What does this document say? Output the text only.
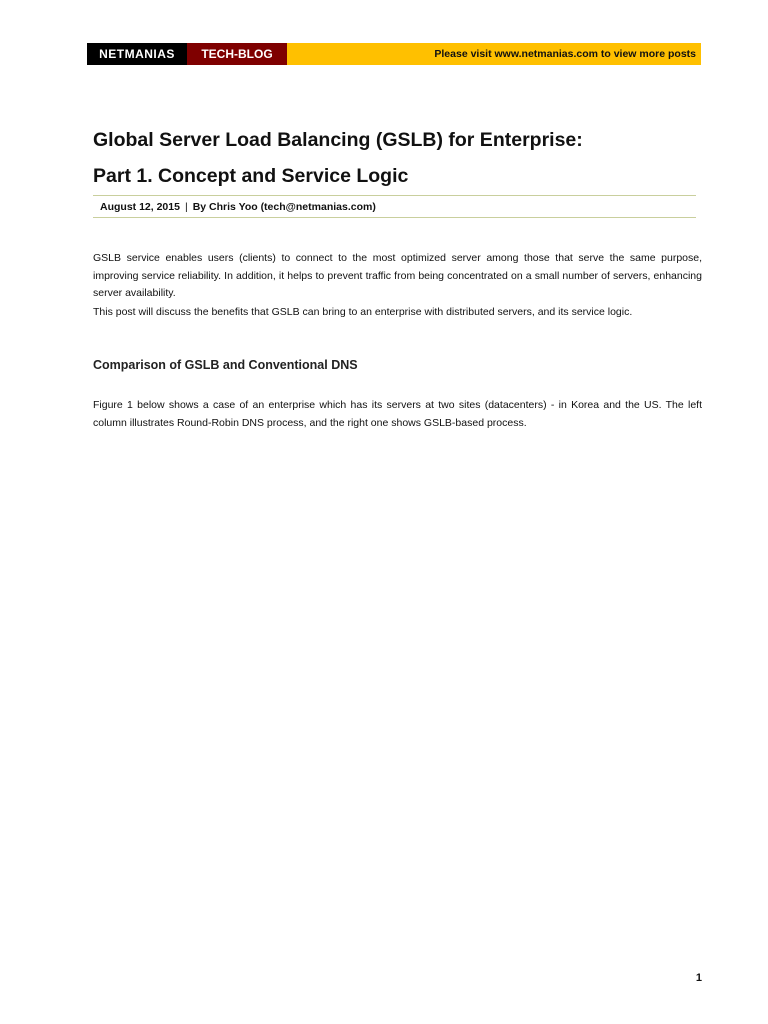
NETMANIAS	TECH-BLOG	Please visit www.netmanias.com to view more posts
Global Server Load Balancing (GSLB) for Enterprise:
Part 1. Concept and Service Logic
August 12, 2015 | By Chris Yoo (tech@netmanias.com)

GSLB service enables users (clients) to connect to the most optimized server among those that serve the same purpose, improving service reliability. In addition, it helps to prevent traffic from being concentrated on a small number of servers, enhancing server availability.

This post will discuss the benefits that GSLB can bring to an enterprise with distributed servers, and its service logic.

Comparison of GSLB and Conventional DNS

Figure 1 below shows a case of an enterprise which has its servers at two sites (datacenters) - in Korea and the US. The left column illustrates Round-Robin DNS process, and the right one shows GSLB-based process.

1
